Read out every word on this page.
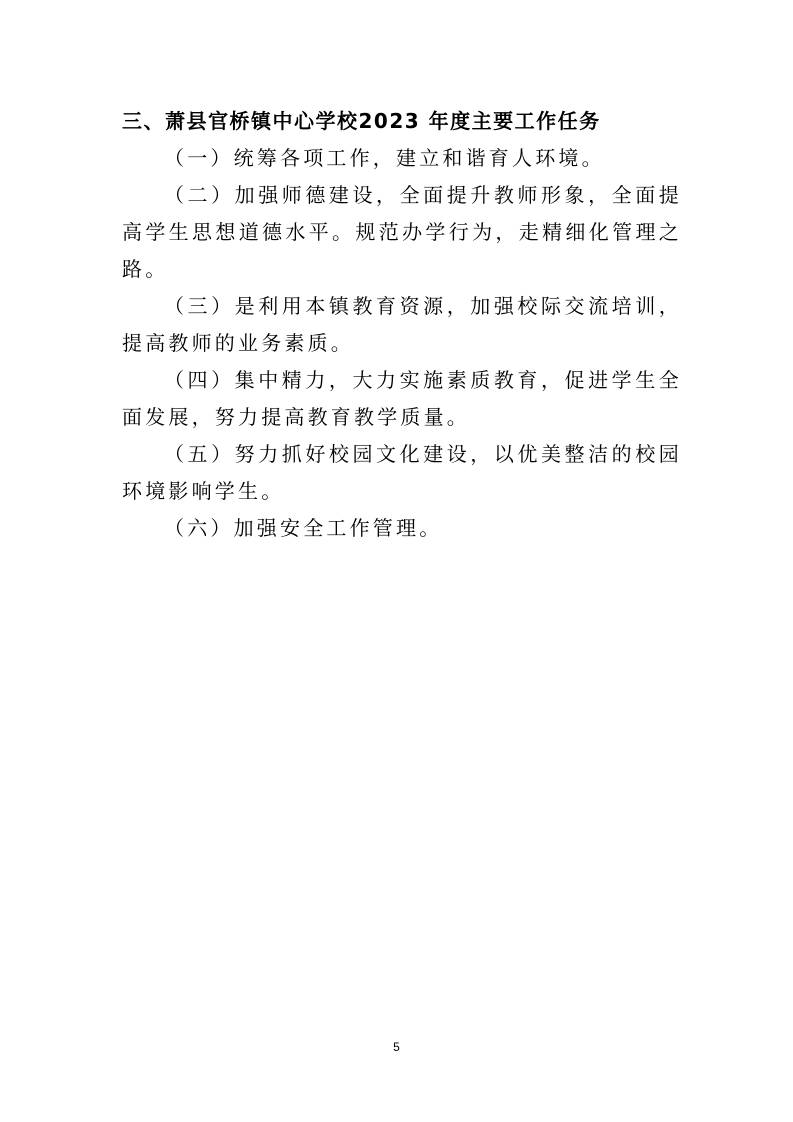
三、萧县官桥镇中心学校2023 年度主要工作任务

（一）统筹各项工作，建立和谐育人环境。

（二）加强师德建设，全面提升教师形象，全面提高学生思想道德水平。规范办学行为，走精细化管理之路。

（三）是利用本镇教育资源，加强校际交流培训，提高教师的业务素质。

（四）集中精力，大力实施素质教育，促进学生全面发展，努力提高教育教学质量。

（五）努力抓好校园文化建设，以优美整洁的校园环境影响学生。

（六）加强安全工作管理。

5
